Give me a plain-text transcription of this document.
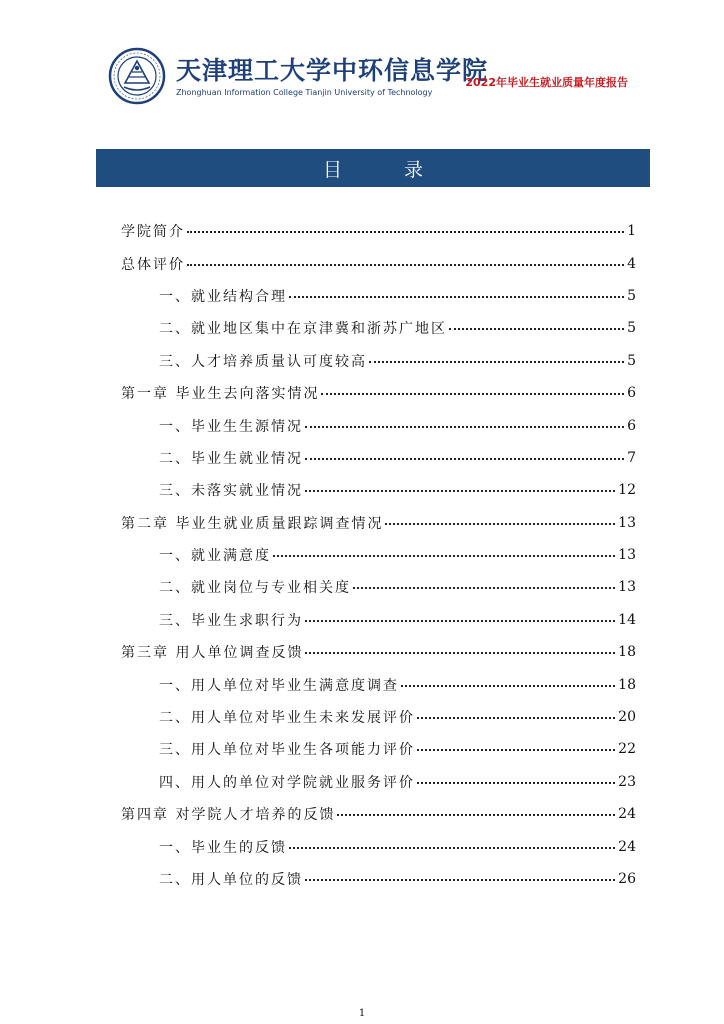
天津理工大学中环信息学院
Zhonghuan Information College Tianjin University of Technology
2022年毕业生就业质量年度报告
目 录
学院简介	1
总体评价	4
一、就业结构合理	5
二、就业地区集中在京津冀和浙苏广地区	5
三、人才培养质量认可度较高	5
第一章 毕业生去向落实情况	6
一、毕业生生源情况	6
二、毕业生就业情况	7
三、未落实就业情况	12
第二章 毕业生就业质量跟踪调查情况	13
一、就业满意度	13
二、就业岗位与专业相关度	13
三、毕业生求职行为	14
第三章 用人单位调查反馈	18
一、用人单位对毕业生满意度调查	18
二、用人单位对毕业生未来发展评价	20
三、用人单位对毕业生各项能力评价	22
四、用人的单位对学院就业服务评价	23
第四章 对学院人才培养的反馈	24
一、毕业生的反馈	24
二、用人单位的反馈	26
1
